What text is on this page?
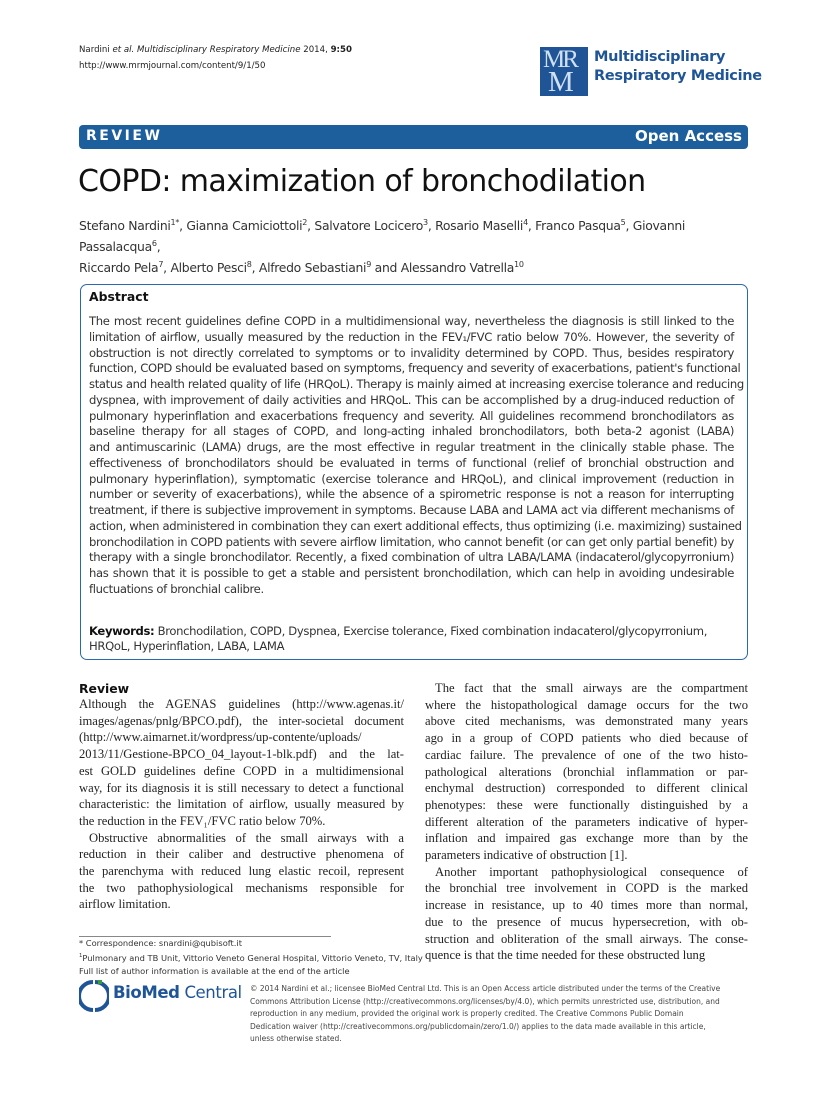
Nardini et al. Multidisciplinary Respiratory Medicine 2014, 9:50
http://www.mrmjournal.com/content/9/1/50	MR
M
Multidisciplinary
Respiratory Medicine
REVIEW	Open Access
COPD: maximization of bronchodilation
Stefano Nardini$^{1*}$, Gianna Camiciottoli$^2$, Salvatore Locicero$^3$, Rosario Maselli$^4$, Franco Pasqua$^5$, Giovanni Passalacqua$^6$,
Riccardo Pela$^7$, Alberto Pesci$^8$, Alfredo Sebastiani$^9$ and Alessandro Vatrella$^{10}$
Abstract
The most recent guidelines define COPD in a multidimensional way, nevertheless the diagnosis is still linked to the
limitation of airflow, usually measured by the reduction in the FEV₁/FVC ratio below 70%. However, the severity of
obstruction is not directly correlated to symptoms or to invalidity determined by COPD. Thus, besides respiratory
function, COPD should be evaluated based on symptoms, frequency and severity of exacerbations, patient's functional
status and health related quality of life (HRQoL). Therapy is mainly aimed at increasing exercise tolerance and reducing
dyspnea, with improvement of daily activities and HRQoL. This can be accomplished by a drug-induced reduction of
pulmonary hyperinflation and exacerbations frequency and severity. All guidelines recommend bronchodilators as
baseline therapy for all stages of COPD, and long-acting inhaled bronchodilators, both beta-2 agonist (LABA)
and antimuscarinic (LAMA) drugs, are the most effective in regular treatment in the clinically stable phase. The
effectiveness of bronchodilators should be evaluated in terms of functional (relief of bronchial obstruction and
pulmonary hyperinflation), symptomatic (exercise tolerance and HRQoL), and clinical improvement (reduction in
number or severity of exacerbations), while the absence of a spirometric response is not a reason for interrupting
treatment, if there is subjective improvement in symptoms. Because LABA and LAMA act via different mechanisms of
action, when administered in combination they can exert additional effects, thus optimizing (i.e. maximizing) sustained
bronchodilation in COPD patients with severe airflow limitation, who cannot benefit (or can get only partial benefit) by
therapy with a single bronchodilator. Recently, a fixed combination of ultra LABA/LAMA (indacaterol/glycopyrronium)
has shown that it is possible to get a stable and persistent bronchodilation, which can help in avoiding undesirable
fluctuations of bronchial calibre.
Keywords: Bronchodilation, COPD, Dyspnea, Exercise tolerance, Fixed combination indacaterol/glycopyrronium,
HRQoL, Hyperinflation, LABA, LAMA
Review
Although the AGENAS guidelines (http://www.agenas.it/
images/agenas/pnlg/BPCO.pdf), the inter-societal document
(http://www.aimarnet.it/wordpress/up-contente/uploads/
2013/11/Gestione-BPCO_04_layout-1-blk.pdf) and the lat-
est GOLD guidelines define COPD in a multidimensional
way, for its diagnosis it is still necessary to detect a functional
characteristic: the limitation of airflow, usually measured by
the reduction in the FEV₁/FVC ratio below 70%.
Obstructive abnormalities of the small airways with a
reduction in their caliber and destructive phenomena of
the parenchyma with reduced lung elastic recoil, represent
the two pathophysiological mechanisms responsible for
airflow limitation.
The fact that the small airways are the compartment
where the histopathological damage occurs for the two
above cited mechanisms, was demonstrated many years
ago in a group of COPD patients who died because of
cardiac failure. The prevalence of one of the two histo-
pathological alterations (bronchial inflammation or par-
enchymal destruction) corresponded to different clinical
phenotypes: these were functionally distinguished by a
different alteration of the parameters indicative of hyper-
inflation and impaired gas exchange more than by the
parameters indicative of obstruction [1].
Another important pathophysiological consequence of
the bronchial tree involvement in COPD is the marked
increase in resistance, up to 40 times more than normal,
due to the presence of mucus hypersecretion, with ob-
struction and obliteration of the small airways. The conse-
quence is that the time needed for these obstructed lung
* Correspondence: snardini@qubisoft.it
$^1$Pulmonary and TB Unit, Vittorio Veneto General Hospital, Vittorio Veneto, TV, Italy
Full list of author information is available at the end of the article
BioMed Central © 2014 Nardini et al.; licensee BioMed Central Ltd. This is an Open Access article distributed under the terms of the Creative
Commons Attribution License (http://creativecommons.org/licenses/by/4.0), which permits unrestricted use, distribution, and
reproduction in any medium, provided the original work is properly credited. The Creative Commons Public Domain
Dedication waiver (http://creativecommons.org/publicdomain/zero/1.0/) applies to the data made available in this article,
unless otherwise stated.
